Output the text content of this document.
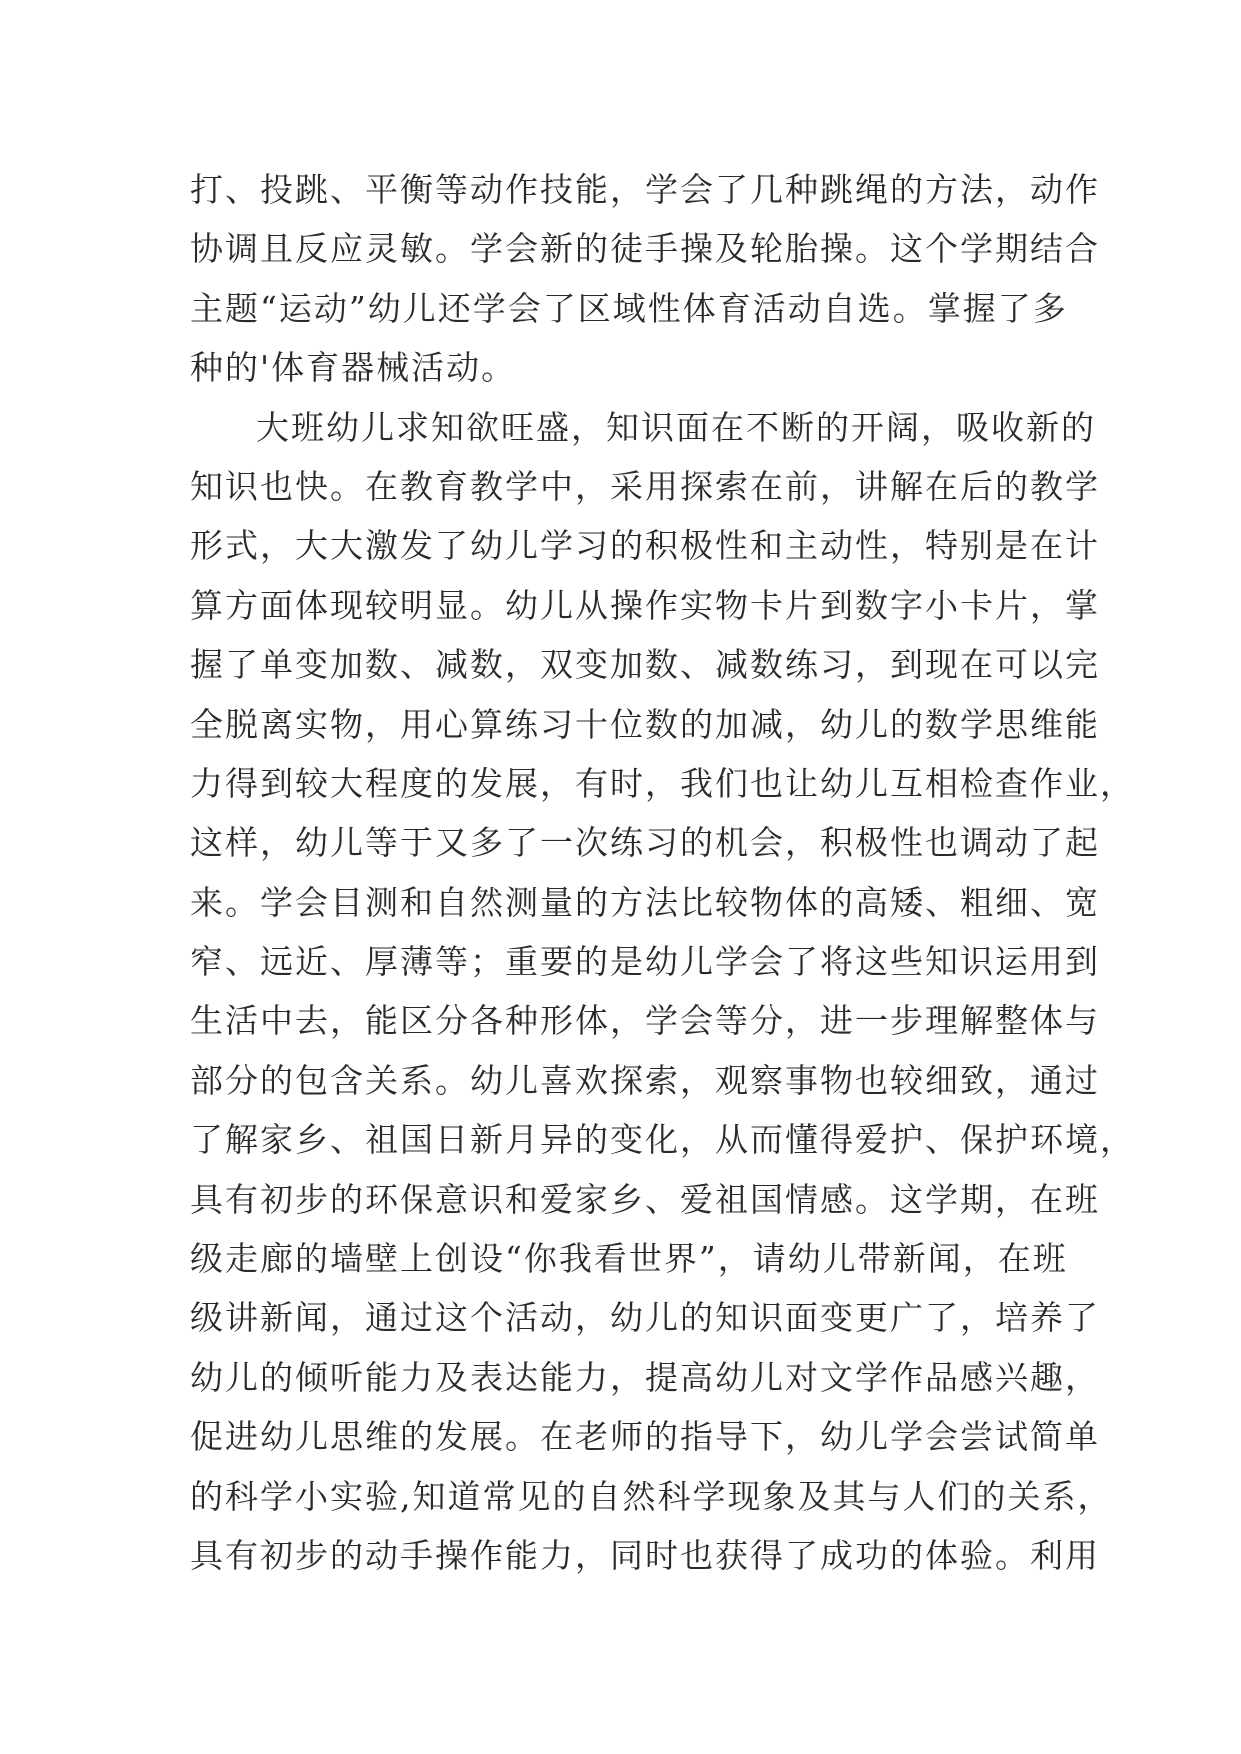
打、投跳、平衡等动作技能，学会了几种跳绳的方法，动作
协调且反应灵敏。学会新的徒手操及轮胎操。这个学期结合
主题“运动”幼儿还学会了区域性体育活动自选。掌握了多
种的'体育器械活动。
大班幼儿求知欲旺盛，知识面在不断的开阔，吸收新的
知识也快。在教育教学中，采用探索在前，讲解在后的教学
形式，大大激发了幼儿学习的积极性和主动性，特别是在计
算方面体现较明显。幼儿从操作实物卡片到数字小卡片，掌
握了单变加数、减数，双变加数、减数练习，到现在可以完
全脱离实物，用心算练习十位数的加减，幼儿的数学思维能
力得到较大程度的发展，有时，我们也让幼儿互相检查作业，
这样，幼儿等于又多了一次练习的机会，积极性也调动了起
来。学会目测和自然测量的方法比较物体的高矮、粗细、宽
窄、远近、厚薄等；重要的是幼儿学会了将这些知识运用到
生活中去，能区分各种形体，学会等分，进一步理解整体与
部分的包含关系。幼儿喜欢探索，观察事物也较细致，通过
了解家乡、祖国日新月异的变化，从而懂得爱护、保护环境，
具有初步的环保意识和爱家乡、爱祖国情感。这学期，在班
级走廊的墙壁上创设“你我看世界”，请幼儿带新闻，在班
级讲新闻，通过这个活动，幼儿的知识面变更广了，培养了
幼儿的倾听能力及表达能力，提高幼儿对文学作品感兴趣，
促进幼儿思维的发展。在老师的指导下，幼儿学会尝试简单
的科学小实验,知道常见的自然科学现象及其与人们的关系，
具有初步的动手操作能力，同时也获得了成功的体验。利用
